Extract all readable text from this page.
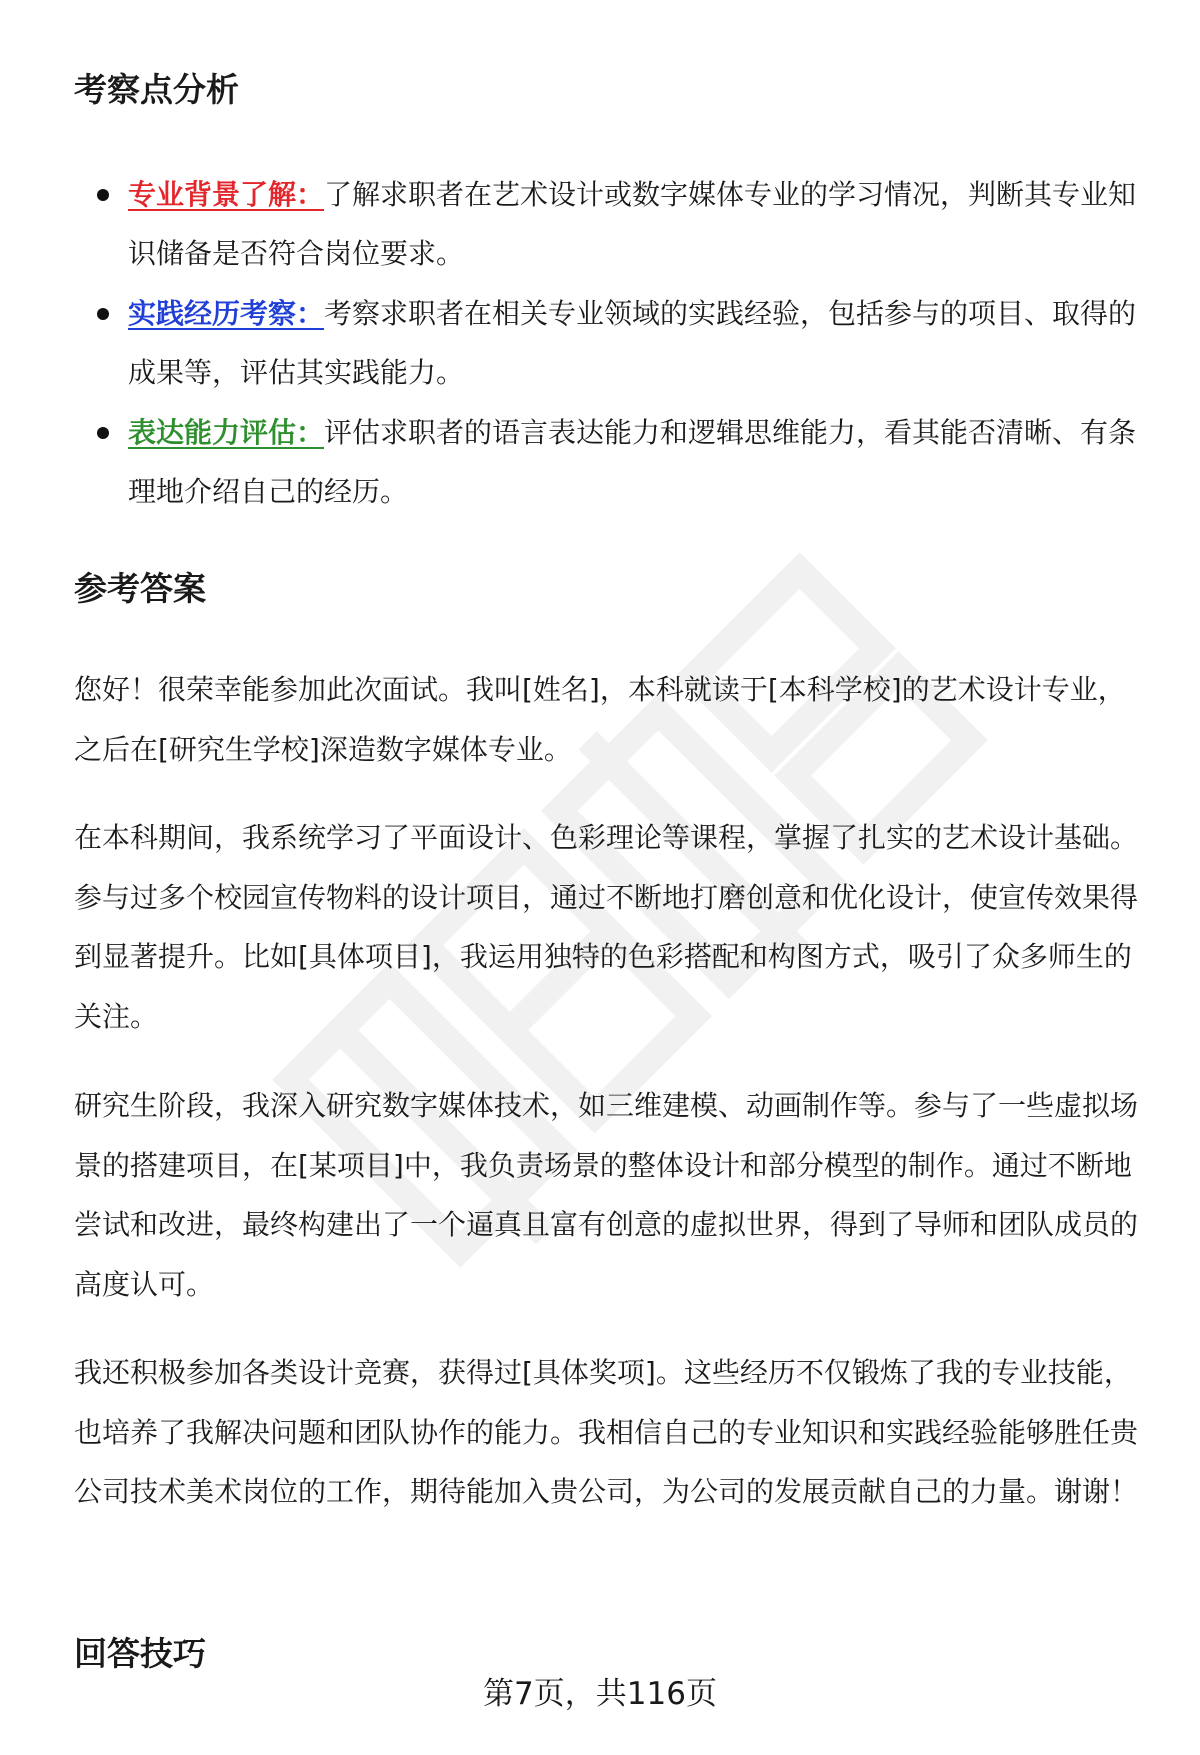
考察点分析
专业背景了解：了解求职者在艺术设计或数字媒体专业的学习情况，判断其专业知识储备是否符合岗位要求。
实践经历考察：考察求职者在相关专业领域的实践经验，包括参与的项目、取得的成果等，评估其实践能力。
表达能力评估：评估求职者的语言表达能力和逻辑思维能力，看其能否清晰、有条理地介绍自己的经历。
参考答案

您好！很荣幸能参加此次面试。我叫[姓名]，本科就读于[本科学校]的艺术设计专业，之后在[研究生学校]深造数字媒体专业。

在本科期间，我系统学习了平面设计、色彩理论等课程，掌握了扎实的艺术设计基础。参与过多个校园宣传物料的设计项目，通过不断地打磨创意和优化设计，使宣传效果得到显著提升。比如[具体项目]，我运用独特的色彩搭配和构图方式，吸引了众多师生的关注。

研究生阶段，我深入研究数字媒体技术，如三维建模、动画制作等。参与了一些虚拟场景的搭建项目，在[某项目]中，我负责场景的整体设计和部分模型的制作。通过不断地尝试和改进，最终构建出了一个逼真且富有创意的虚拟世界，得到了导师和团队成员的高度认可。

我还积极参加各类设计竞赛，获得过[具体奖项]。这些经历不仅锻炼了我的专业技能，也培养了我解决问题和团队协作的能力。我相信自己的专业知识和实践经验能够胜任贵公司技术美术岗位的工作，期待能加入贵公司，为公司的发展贡献自己的力量。谢谢！

回答技巧
第7页，共116页
